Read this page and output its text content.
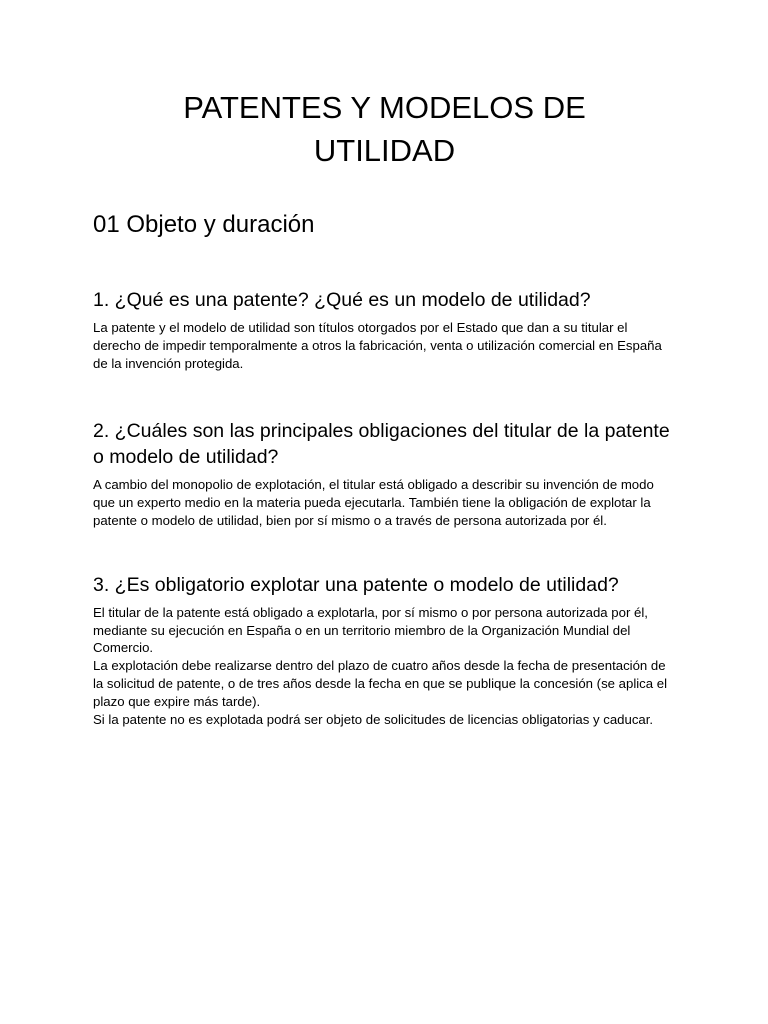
PATENTES Y MODELOS DE
UTILIDAD
01 Objeto y duración
1. ¿Qué es una patente? ¿Qué es un modelo de utilidad?

La patente y el modelo de utilidad son títulos otorgados por el Estado que dan a su titular el derecho de impedir temporalmente a otros la fabricación, venta o utilización comercial en España de la invención protegida.

2. ¿Cuáles son las principales obligaciones del titular de la patente o modelo de utilidad?

A cambio del monopolio de explotación, el titular está obligado a describir su invención de modo que un experto medio en la materia pueda ejecutarla. También tiene la obligación de explotar la patente o modelo de utilidad, bien por sí mismo o a través de persona autorizada por él.

3. ¿Es obligatorio explotar una patente o modelo de utilidad?

El titular de la patente está obligado a explotarla, por sí mismo o por persona autorizada por él, mediante su ejecución en España o en un territorio miembro de la Organización Mundial del Comercio.

La explotación debe realizarse dentro del plazo de cuatro años desde la fecha de presentación de la solicitud de patente, o de tres años desde la fecha en que se publique la concesión (se aplica el plazo que expire más tarde).

Si la patente no es explotada podrá ser objeto de solicitudes de licencias obligatorias y caducar.
